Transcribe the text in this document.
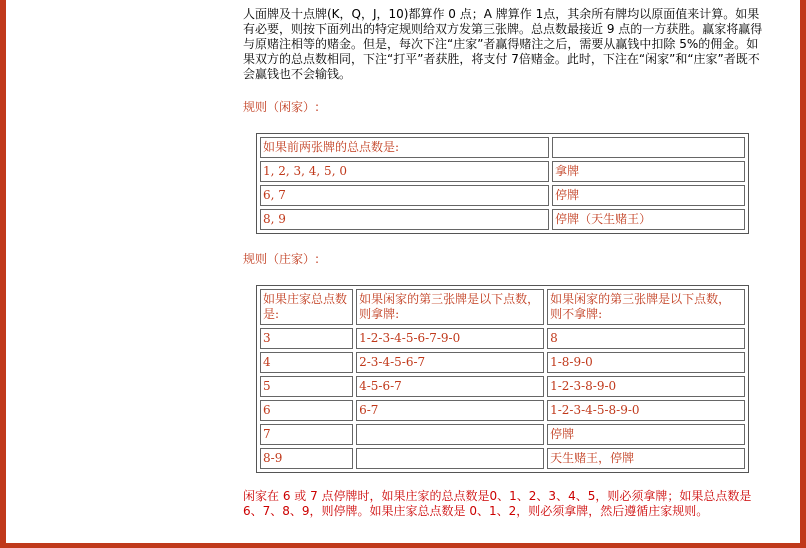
人面牌及十点牌(K，Q，J，10)都算作 0 点；A 牌算作 1点，其余所有牌均以原面值来计算。如果有必要，则按下面列出的特定规则给双方发第三张牌。总点数最接近 9 点的一方获胜。赢家将赢得与原赌注相等的赌金。但是，每次下注“庄家”者赢得赌注之后，需要从赢钱中扣除 5%的佣金。如果双方的总点数相同，下注“打平”者获胜，将支付 7倍赌金。此时，下注在“闲家”和“庄家”者既不会赢钱也不会输钱。

规则（闲家）:

如果前两张牌的总点数是:	
1, 2, 3, 4, 5, 0	拿牌
6, 7	停牌
8, 9	停牌（天生赌王）

规则（庄家）:

如果庄家总点数是:	如果闲家的第三张牌是以下点数，则拿牌:	如果闲家的第三张牌是以下点数，则不拿牌:
3	1-2-3-4-5-6-7-9-0	8
4	2-3-4-5-6-7	1-8-9-0
5	4-5-6-7	1-2-3-8-9-0
6	6-7	1-2-3-4-5-8-9-0
7		停牌
8-9		天生赌王，停牌

闲家在 6 或 7 点停牌时，如果庄家的总点数是0、1、2、3、4、5，则必须拿牌；如果总点数是 6、7、8、9，则停牌。如果庄家总点数是 0、1、2，则必须拿牌，然后遵循庄家规则。
